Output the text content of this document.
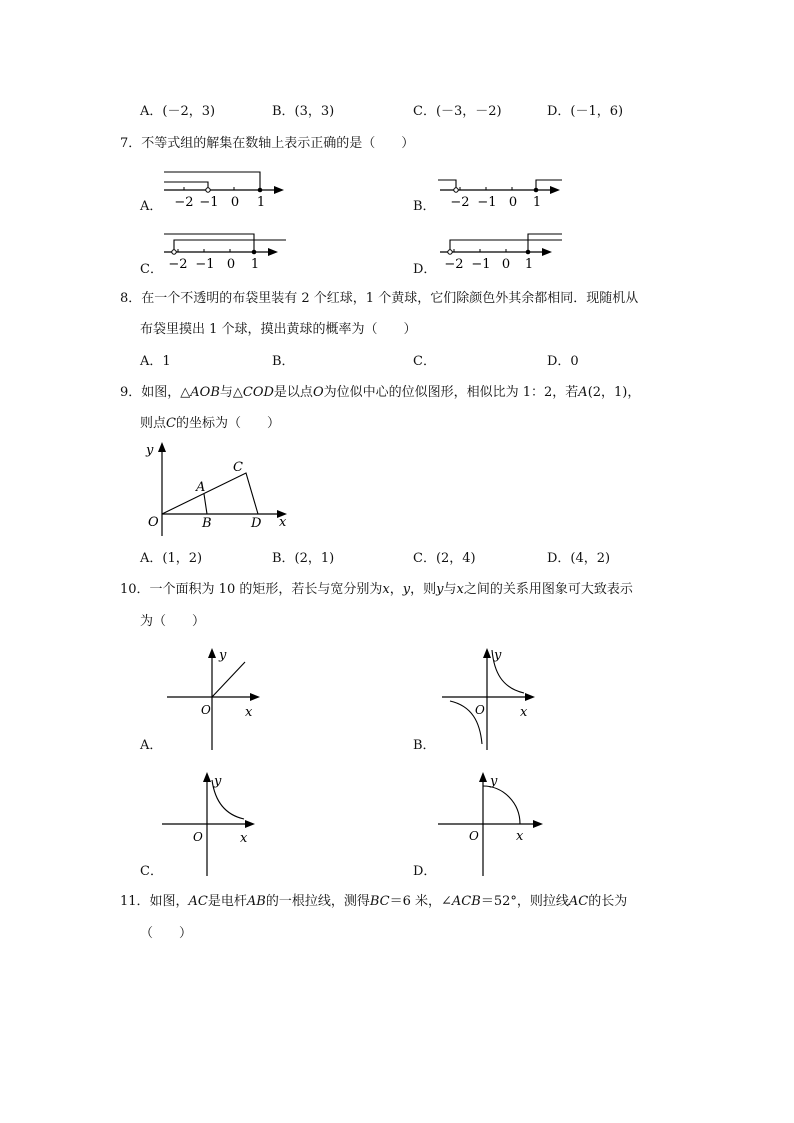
A．(－2，3)	B．(3，3)	C．(－3，－2)	D．(－1，6)
7．不等式组的解集在数轴上表示正确的是（　　）
A． −2 −1 0 1	B． −2 −1 0 1
C． −2 −1 0 1	D． −2 −1 0 1
8．在一个不透明的布袋里装有 2 个红球，1 个黄球，它们除颜色外其余都相同．现随机从
布袋里摸出 1 个球，摸出黄球的概率为（　　）
A．1	B．	C．	D．0
9．如图，△AOB与△COD是以点O为位似中心的位似图形，相似比为 1：2，若A(2，1)，
则点C的坐标为（　　）
y
x
O
A
B
C
D
A．(1，2)	B．(2，1)	C．(2，4)	D．(4，2)
10．一个面积为 10 的矩形，若长与宽分别为x，y，则y与x之间的关系用图象可大致表示
为（　　）
A．
y
x
O
B．
y
x
O
C．
y
x
O
D．
y
x
O
11．如图，AC是电杆AB的一根拉线，测得BC＝6 米，∠ACB＝52°，则拉线AC的长为
（　　）
